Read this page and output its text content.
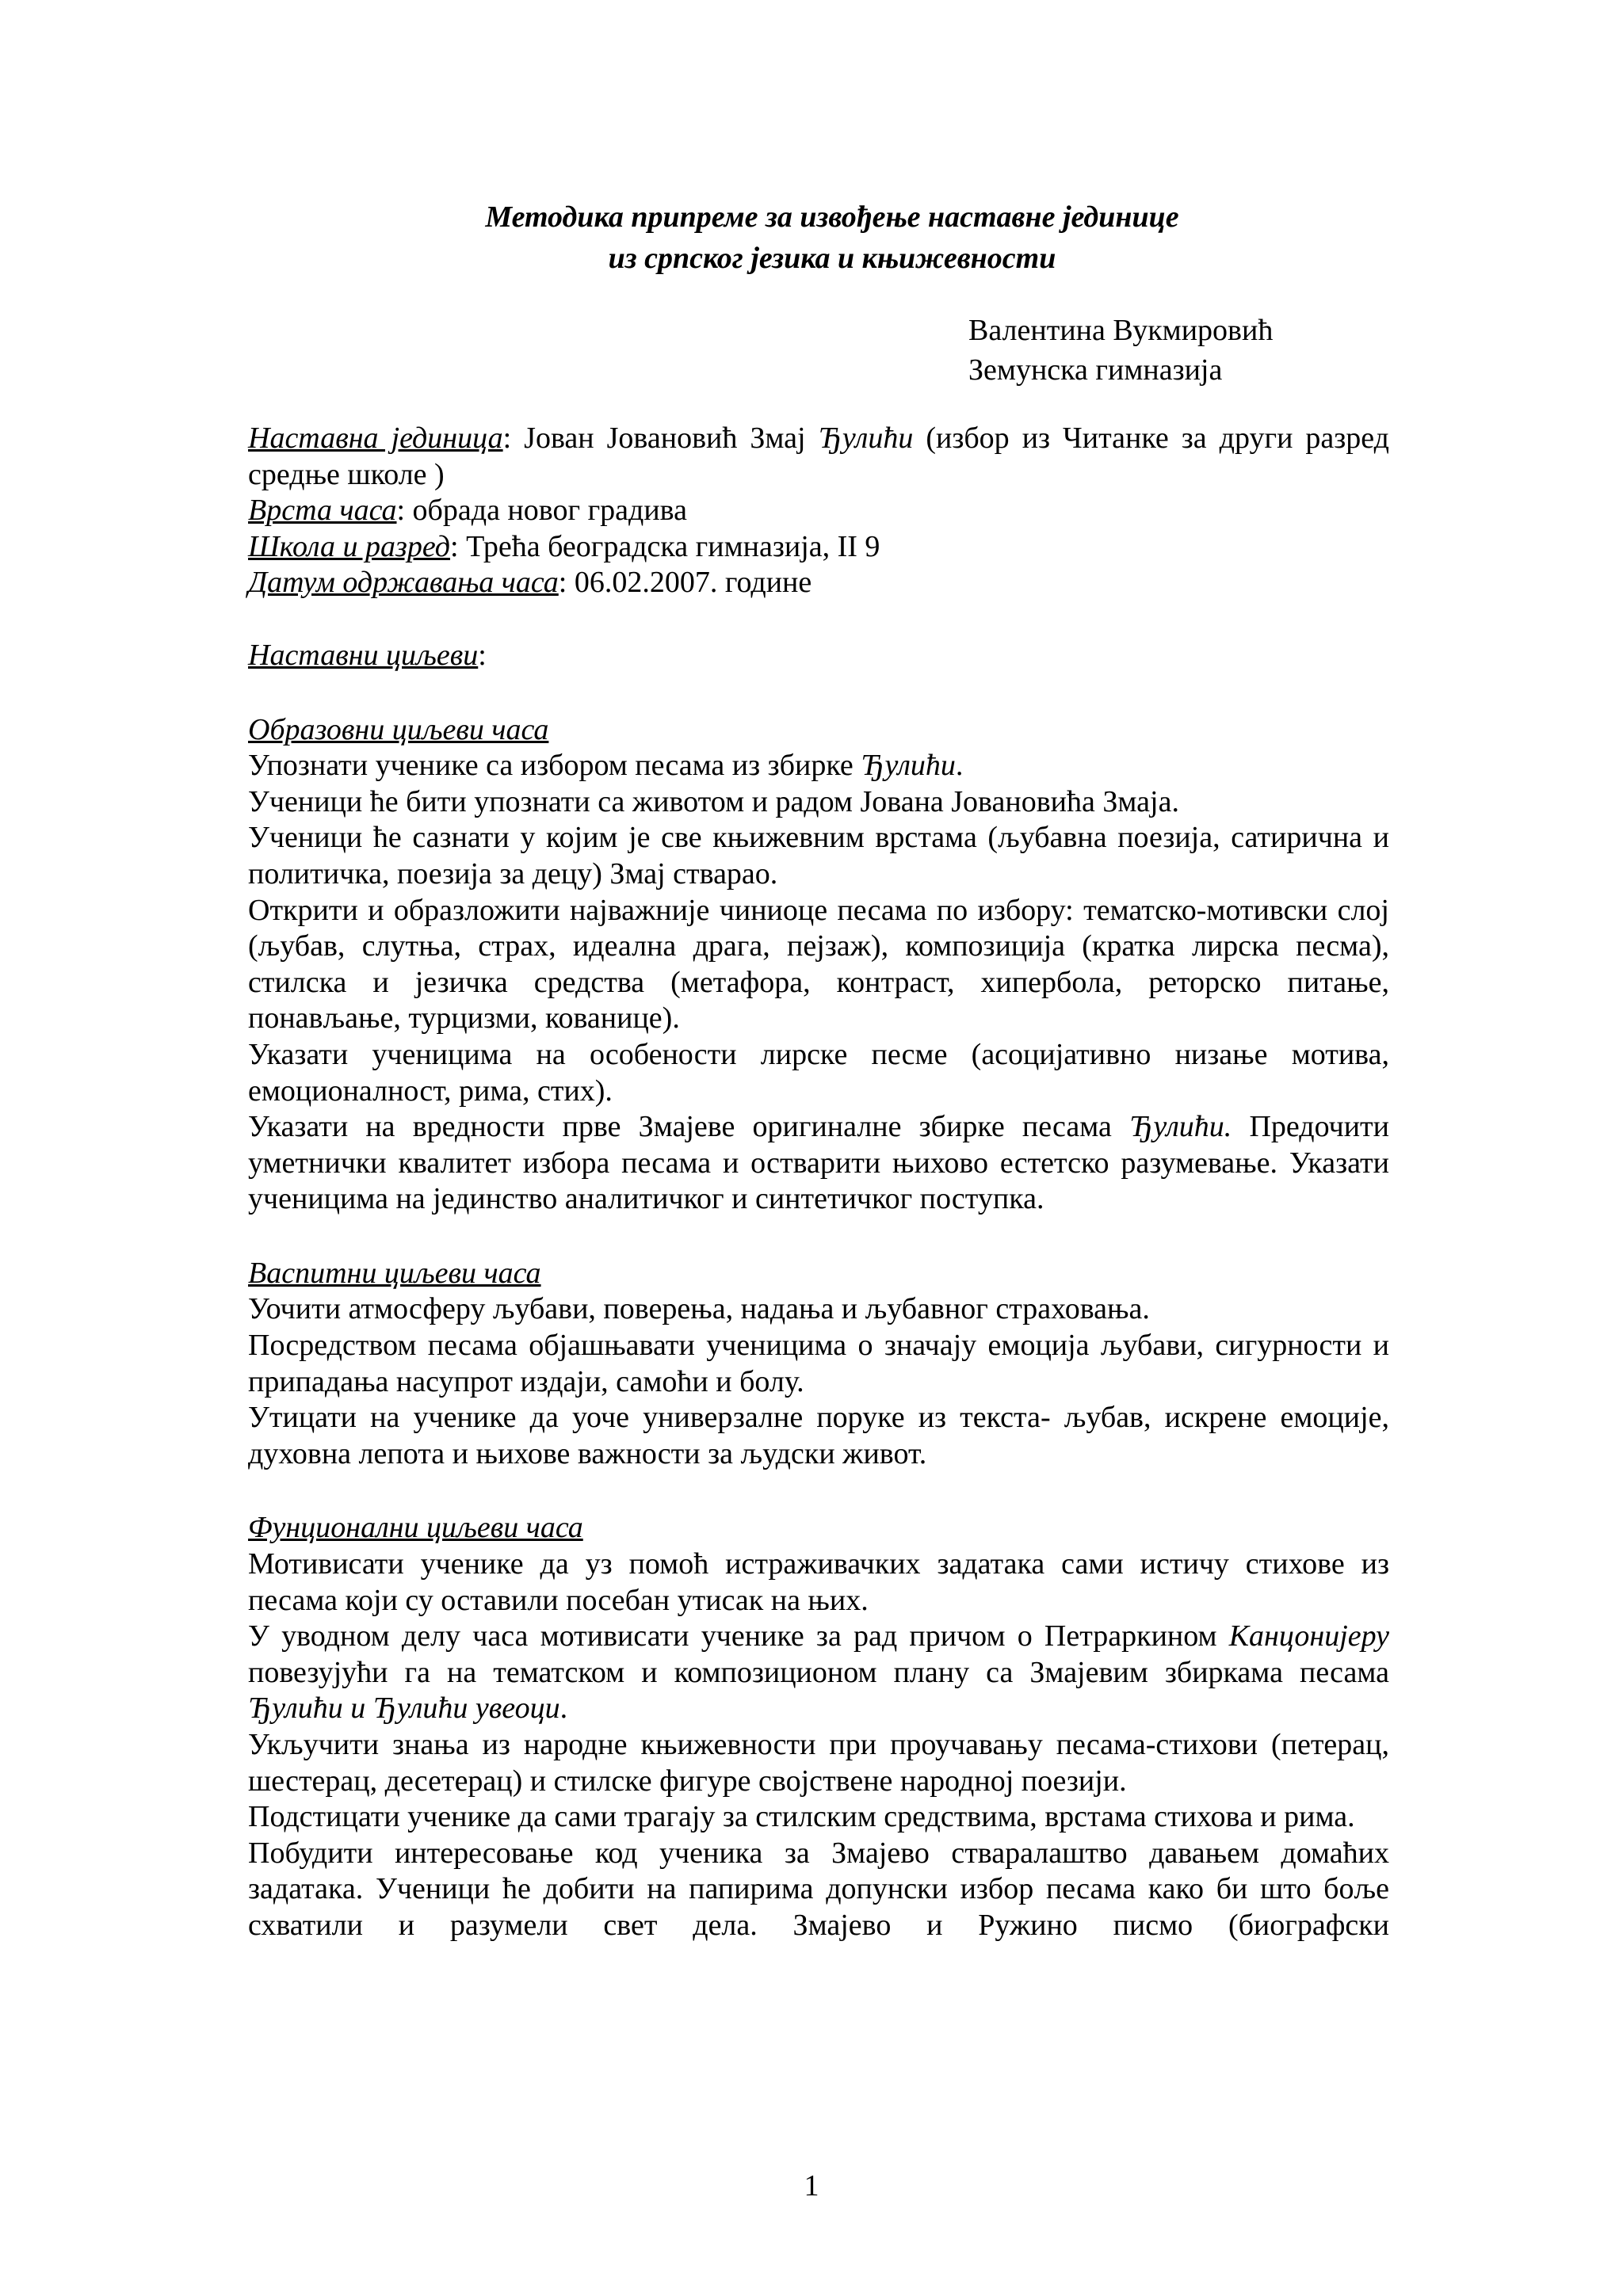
Методика припреме за извођење наставне јединице
из српског језика и књижевности
Валентина Вукмировић
Земунска гимназија

Наставна јединица: Јован Јовановић Змај Ђулићи (избор из Читанке за други разред средње школе )

Врста часа: обрада новог градива

Школа и разред: Трећа београдска гимназија, II 9

Датум одржавања часа: 06.02.2007. године

Наставни циљеви:

Образовни циљеви часа

Упознати ученике са избором песама из збирке Ђулићи.

Ученици ће бити упознати са животом и радом Јована Јовановића Змаја.

Ученици ће сазнати у којим је све књижевним врстама (љубавна поезија, сатирична и политичка, поезија за децу) Змај стварао.

Открити и образложити најважније чиниоце песама по избору: тематско-мотивски слој (љубав, слутња, страх, идеална драга, пејзаж), композиција (кратка лирска песма), стилска и језичка средства (метафора, контраст, хипербола, реторско питање, понављање, турцизми, кованице).

Указати ученицима на особености лирске песме (асоцијативно низање мотива, емоционалност, рима, стих).

Указати на вредности прве Змајеве оригиналне збирке песама Ђулићи. Предочити уметнички квалитет избора песама и остварити њихово естетско разумевање. Указати ученицима на јединство аналитичког и синтетичког поступка.

Васпитни циљеви часа

Уочити атмосферу љубави, поверења, надања и љубавног страховања.

Посредством песама објашњавати ученицима о значају емоција љубави, сигурности и припадања насупрот издаји, самоћи и болу.

Утицати на ученике да уоче универзалне поруке из текста- љубав, искрене емоције, духовна лепота и њихове важности за људски живот.

Фунционални циљеви часа

Мотивисати ученике да уз помоћ истраживачких задатака сами истичу стихове из песама који су оставили посебан утисак на њих.

У уводном делу часа мотивисати ученике за рад причом о Петраркином Канцонијеру повезујући га на тематском и композиционом плану са Змајевим збиркама песама Ђулићи и Ђулићи увеоци.

Укључити знања из народне књижевности при проучавању песама-стихови (петерац, шестерац, десетерац) и стилске фигуре својствене народној поезији.

Подстицати ученике да сами трагају за стилским средствима, врстама стихова и рима.

Побудити интересовање код ученика за Змајево стваралаштво давањем домаћих задатака. Ученици ће добити на папирима допунски избор песама како би што боље схватили и разумели свет дела. Змајево и Ружино писмо (биографски

1
